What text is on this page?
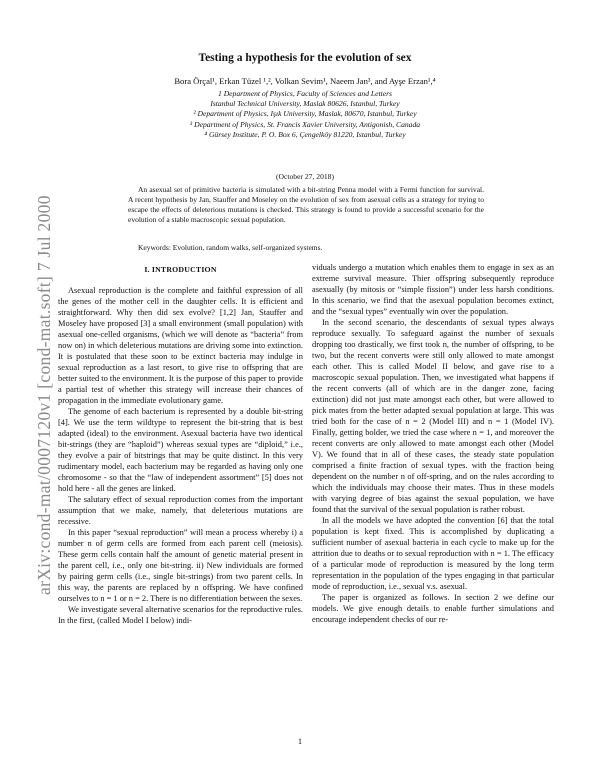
arXiv:cond-mat/0007120v1 [cond-mat.soft] 7 Jul 2000
Testing a hypothesis for the evolution of sex
Bora Örçal¹, Erkan Tüzel ¹,², Volkan Sevim¹, Naeem Jan³, and Ayşe Erzan¹,⁴
1 Department of Physics, Faculty of Sciences and Letters
Istanbul Technical University, Maslak 80626, Istanbul, Turkey
² Department of Physics, Işık University, Maslak, 80670, Istanbul, Turkey
³ Department of Physics, St. Francis Xavier University, Antigonish, Canada
⁴ Gürsey Institute, P. O. Box 6, Çengelköy 81220, Istanbul, Turkey
(October 27, 2018)

An asexual set of primitive bacteria is simulated with a bit-string Penna model with a Fermi function for survival. A recent hypothesis by Jan, Stauffer and Moseley on the evolution of sex from asexual cells as a strategy for trying to escape the effects of deleterious mutations is checked. This strategy is found to provide a successful scenario for the evolution of a stable macroscopic sexual population.

Keywords: Evolution, random walks, self-organized systems.
I. INTRODUCTION

Asexual reproduction is the complete and faithful expression of all the genes of the mother cell in the daughter cells. It is efficient and straightforward. Why then did sex evolve? [1,2] Jan, Stauffer and Moseley have proposed [3] a small environment (small population) with asexual one-celled organisms, (which we will denote as “bacteria” from now on) in which deleterious mutations are driving some into extinction. It is postulated that these soon to be extinct bacteria may indulge in sexual reproduction as a last resort, to give rise to offspring that are better suited to the environment. It is the purpose of this paper to provide a partial test of whether this strategy will increase their chances of propagation in the immediate evolutionary game.

The genome of each bacterium is represented by a double bit-string [4]. We use the term wildtype to represent the bit-string that is best adapted (ideal) to the environment. Asexual bacteria have two identical bit-strings (they are “haploid”) whereas sexual types are “diploid,” i.e., they evolve a pair of bitstrings that may be quite distinct. In this very rudimentary model, each bacterium may be regarded as having only one chromosome - so that the “law of independent assortment” [5] does not hold here - all the genes are linked.

The salutary effect of sexual reproduction comes from the important assumption that we make, namely, that deleterious mutations are recessive.

In this paper “sexual reproduction” will mean a process whereby i) a number n of germ cells are formed from each parent cell (meiosis). These germ cells contain half the amount of genetic material present in the parent cell, i.e., only one bit-string. ii) New individuals are formed by pairing germ cells (i.e., single bit-strings) from two parent cells. In this way, the parents are replaced by n offspring. We have confined ourselves to n = 1 or n = 2. There is no differentiation between the sexes.

We investigate several alternative scenarios for the reproductive rules. In the first, (called Model I below) indi-

viduals undergo a mutation which enables them to engage in sex as an extreme survival measure. Thier offspring subsequently reproduce asexually (by mitosis or “simple fission”) under less harsh conditions. In this scenario, we find that the asexual population becomes extinct, and the “sexual types” eventually win over the population.

In the second scenario, the descendants of sexual types always reproduce sexually. To safeguard against the number of sexuals dropping too drastically, we first took n, the number of offspring, to be two, but the recent converts were still only allowed to mate amongst each other. This is called Model II below, and gave rise to a macroscopic sexual population. Then, we investigated what happens if the recent converts (all of which are in the danger zone, facing extinction) did not just mate amongst each other, but were allowed to pick mates from the better adapted sexual population at large. This was tried both for the case of n = 2 (Model III) and n = 1 (Model IV). Finally, getting bolder, we tried the case where n = 1, and moreover the recent converts are only allowed to mate amongst each other (Model V). We found that in all of these cases, the steady state population comprised a finite fraction of sexual types. with the fraction being dependent on the number n of off-spring, and on the rules according to which the individuals may choose their mates. Thus in these models with varying degree of bias against the sexual population, we have found that the survival of the sexual population is rather robust.

In all the models we have adopted the convention [6] that the total population is kept fixed. This is accomplished by duplicating a sufficient number of asexual bacteria in each cycle to make up for the attrition due to deaths or to sexual reproduction with n = 1. The efficacy of a particular mode of reproduction is measured by the long term representation in the population of the types engaging in that particular mode of reproduction, i.e., sexual v.s. asexual.

The paper is organized as follows. In section 2 we define our models. We give enough details to enable further simulations and encourage independent checks of our re-

1
